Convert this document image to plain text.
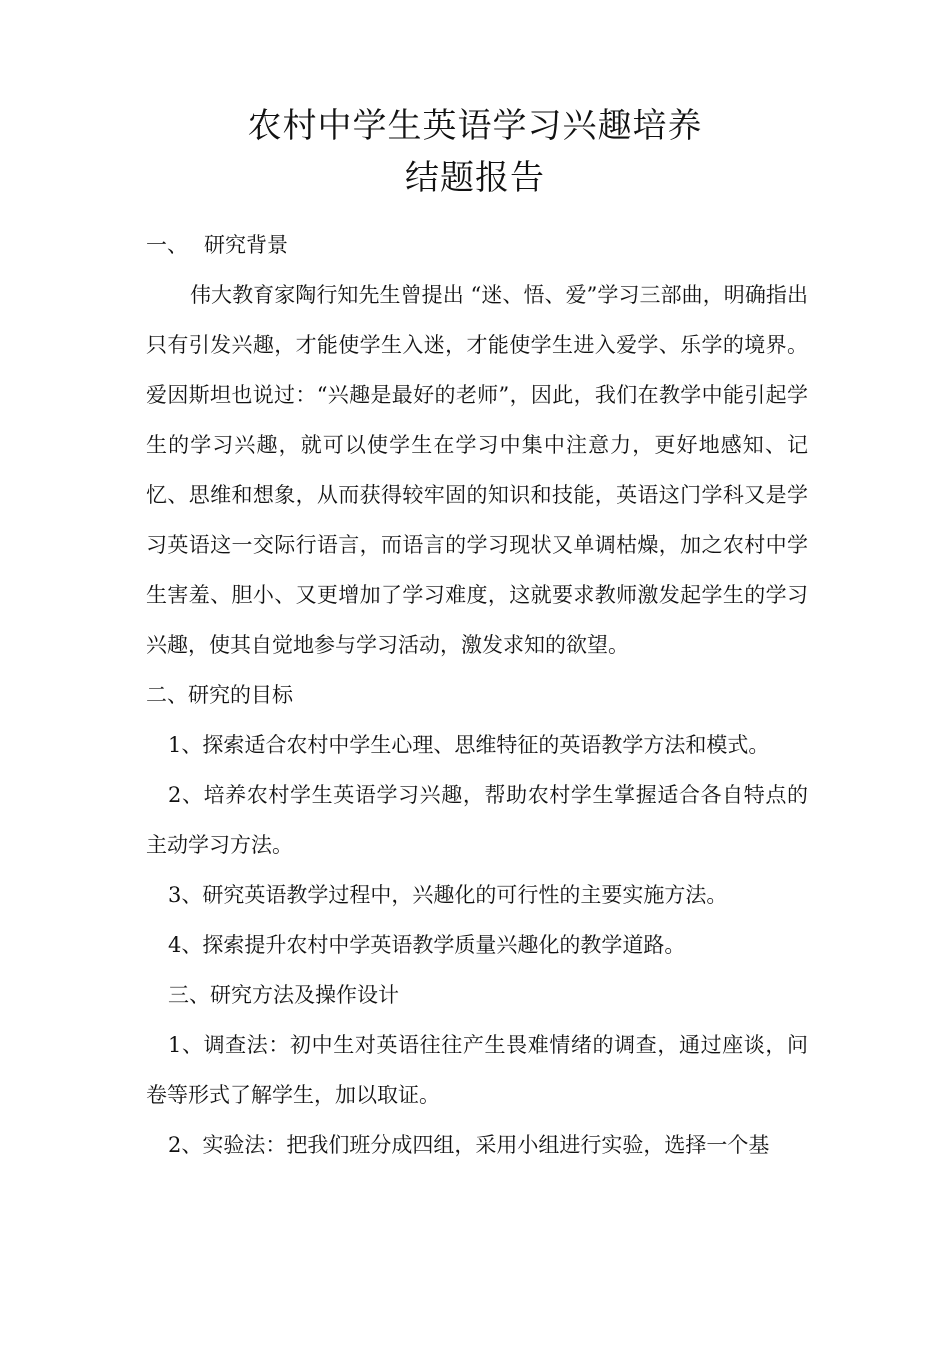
农村中学生英语学习兴趣培养
结题报告

一、 研究背景

伟大教育家陶行知先生曾提出 “迷、悟、爱”学习三部曲，明确指出只有引发兴趣，才能使学生入迷，才能使学生进入爱学、乐学的境界。爱因斯坦也说过：“兴趣是最好的老师”，因此，我们在教学中能引起学生的学习兴趣，就可以使学生在学习中集中注意力，更好地感知、记忆、思维和想象，从而获得较牢固的知识和技能，英语这门学科又是学习英语这一交际行语言，而语言的学习现状又单调枯燥，加之农村中学生害羞、胆小、又更增加了学习难度，这就要求教师激发起学生的学习兴趣，使其自觉地参与学习活动，激发求知的欲望。

二、研究的目标

1、探索适合农村中学生心理、思维特征的英语教学方法和模式。

2、培养农村学生英语学习兴趣，帮助农村学生掌握适合各自特点的主动学习方法。

3、研究英语教学过程中，兴趣化的可行性的主要实施方法。

4、探索提升农村中学英语教学质量兴趣化的教学道路。

三、研究方法及操作设计

1、调查法：初中生对英语往往产生畏难情绪的调查，通过座谈，问卷等形式了解学生，加以取证。

2、实验法：把我们班分成四组，采用小组进行实验，选择一个基
